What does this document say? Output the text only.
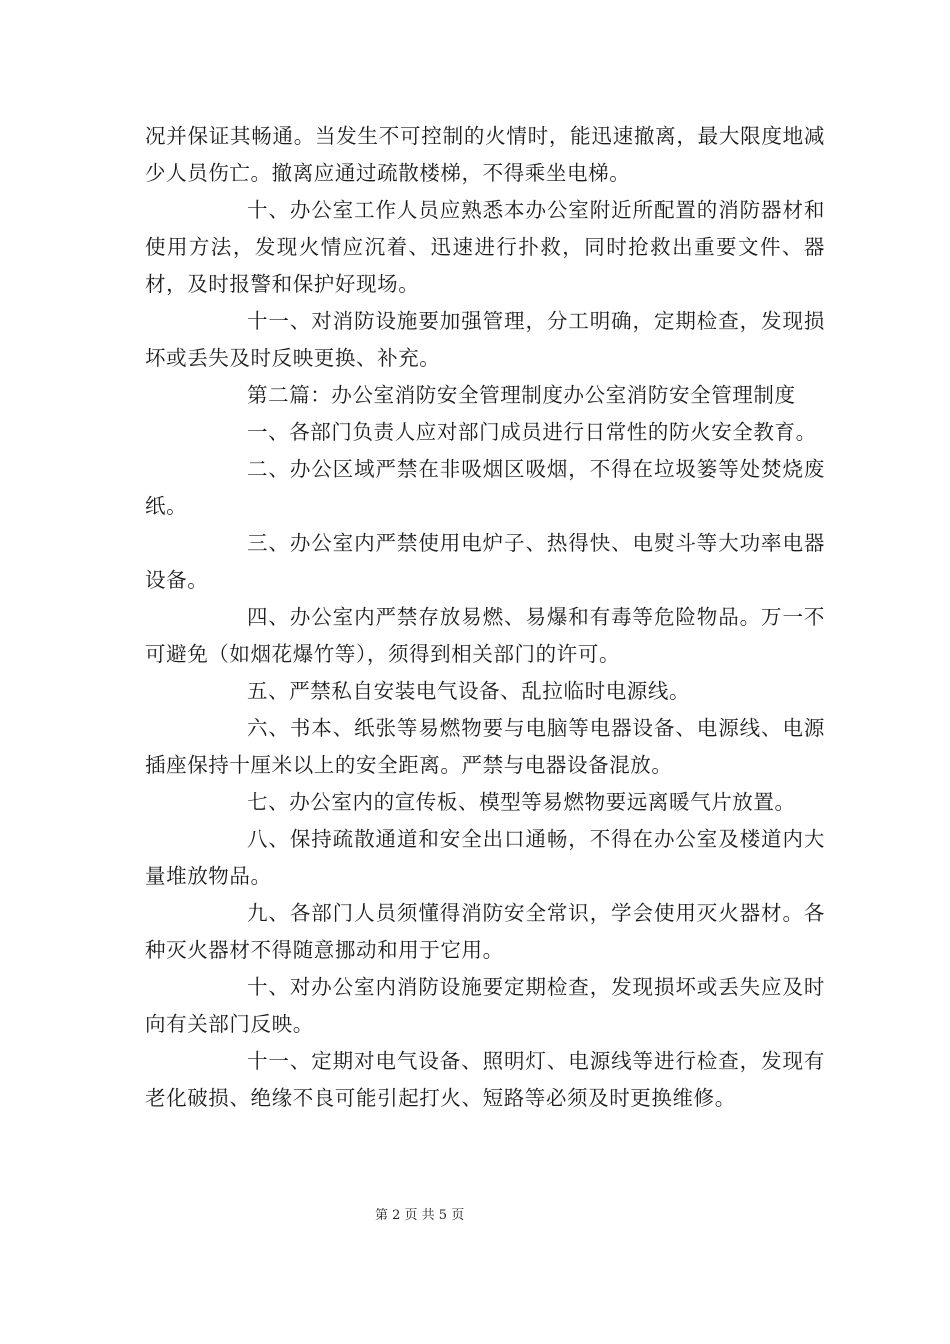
况并保证其畅通。当发生不可控制的火情时，能迅速撤离，最大限度地减少人员伤亡。撤离应通过疏散楼梯，不得乘坐电梯。

十、办公室工作人员应熟悉本办公室附近所配置的消防器材和使用方法，发现火情应沉着、迅速进行扑救，同时抢救出重要文件、器材，及时报警和保护好现场。

十一、对消防设施要加强管理，分工明确，定期检查，发现损坏或丢失及时反映更换、补充。

第二篇：办公室消防安全管理制度办公室消防安全管理制度

一、各部门负责人应对部门成员进行日常性的防火安全教育。

二、办公区域严禁在非吸烟区吸烟，不得在垃圾篓等处焚烧废纸。

三、办公室内严禁使用电炉子、热得快、电熨斗等大功率电器设备。

四、办公室内严禁存放易燃、易爆和有毒等危险物品。万一不可避免（如烟花爆竹等），须得到相关部门的许可。

五、严禁私自安装电气设备、乱拉临时电源线。

六、书本、纸张等易燃物要与电脑等电器设备、电源线、电源插座保持十厘米以上的安全距离。严禁与电器设备混放。

七、办公室内的宣传板、模型等易燃物要远离暖气片放置。

八、保持疏散通道和安全出口通畅，不得在办公室及楼道内大量堆放物品。

九、各部门人员须懂得消防安全常识，学会使用灭火器材。各种灭火器材不得随意挪动和用于它用。

十、对办公室内消防设施要定期检查，发现损坏或丢失应及时向有关部门反映。

十一、定期对电气设备、照明灯、电源线等进行检查，发现有老化破损、绝缘不良可能引起打火、短路等必须及时更换维修。

第 2 页 共 5 页
